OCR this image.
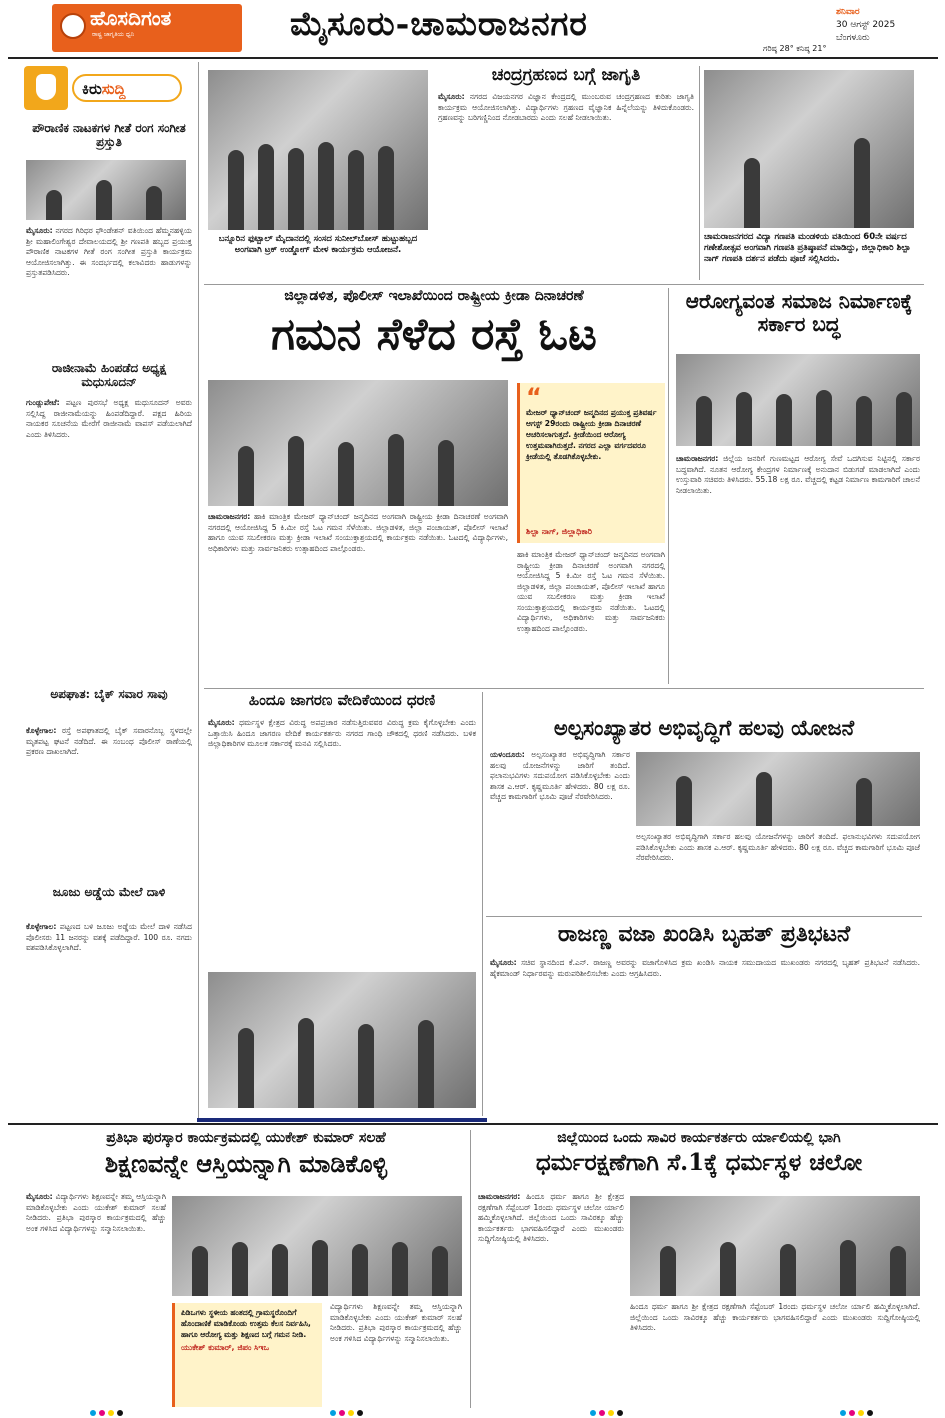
ಹೊಸದಿಗಂತ
ರಾಷ್ಟ್ರ ಜಾಗೃತಿಯ ಧ್ವನಿ	09
ಮೈಸೂರು-ಚಾಮರಾಜನಗರ	ಶನಿವಾರ
30 ಆಗಸ್ಟ್ 2025
ಬೆಂಗಳೂರು
ಗರಿಷ್ಠ 28° ಕನಿಷ್ಠ 21°
ಕಿರುಸುದ್ದಿ
ಪೌರಾಣಿಕ ನಾಟಕಗಳ ಗೀತೆ ರಂಗ ಸಂಗೀತ ಪ್ರಸ್ತುತಿ
ಮೈಸೂರು: ನಗರದ ಗಿರಿಧರ ಫೌಂಡೇಶನ್ ವತಿಯಿಂದ ಹೆಮ್ಮನಹಳ್ಳಿಯ ಶ್ರೀ ಮಹಾಲಿಂಗೇಶ್ವರ ದೇವಾಲಯದಲ್ಲಿ ಶ್ರೀ ಗಣಪತಿ ಹಬ್ಬದ ಪ್ರಯುಕ್ತ ಪೌರಾಣಿಕ ನಾಟಕಗಳ ಗೀತೆ ರಂಗ ಸಂಗೀತ ಪ್ರಸ್ತುತಿ ಕಾರ್ಯಕ್ರಮ ಆಯೋಜಿಸಲಾಗಿತ್ತು. ಈ ಸಂದರ್ಭದಲ್ಲಿ ಕಲಾವಿದರು ಹಾಡುಗಳನ್ನು ಪ್ರಸ್ತುತಪಡಿಸಿದರು.
ರಾಜೀನಾಮೆ ಹಿಂಪಡೆದ ಅಧ್ಯಕ್ಷ ಮಧುಸೂದನ್
ಗುಂಡ್ಲುಪೇಟೆ: ಪಟ್ಟಣ ಪುರಸಭೆ ಅಧ್ಯಕ್ಷ ಮಧುಸೂದನ್ ಅವರು ಸಲ್ಲಿಸಿದ್ದ ರಾಜೀನಾಮೆಯನ್ನು ಹಿಂಪಡೆದಿದ್ದಾರೆ. ಪಕ್ಷದ ಹಿರಿಯ ನಾಯಕರ ಸೂಚನೆಯ ಮೇರೆಗೆ ರಾಜೀನಾಮೆ ವಾಪಸ್ ಪಡೆಯಲಾಗಿದೆ ಎಂದು ತಿಳಿಸಿದರು.
ಅಪಘಾತ: ಬೈಕ್ ಸವಾರ ಸಾವು
ಕೊಳ್ಳೇಗಾಲ: ರಸ್ತೆ ಅಪಘಾತದಲ್ಲಿ ಬೈಕ್ ಸವಾರನೊಬ್ಬ ಸ್ಥಳದಲ್ಲೇ ಮೃತಪಟ್ಟ ಘಟನೆ ನಡೆದಿದೆ. ಈ ಸಂಬಂಧ ಪೊಲೀಸ್ ಠಾಣೆಯಲ್ಲಿ ಪ್ರಕರಣ ದಾಖಲಾಗಿದೆ.
ಜೂಜು ಅಡ್ಡೆಯ ಮೇಲೆ ದಾಳಿ
ಕೊಳ್ಳೇಗಾಲ: ಪಟ್ಟಣದ ಬಳಿ ಜೂಜು ಅಡ್ಡೆಯ ಮೇಲೆ ದಾಳಿ ನಡೆಸಿದ ಪೊಲೀಸರು 11 ಜನರನ್ನು ವಶಕ್ಕೆ ಪಡೆದಿದ್ದಾರೆ. 100 ರೂ. ನಗದು ವಶಪಡಿಸಿಕೊಳ್ಳಲಾಗಿದೆ.
ಬನ್ನೂರಿನ ಫುಟ್ಬಾಲ್ ಮೈದಾನದಲ್ಲಿ ಸಂಸದ ಸುನೀಲ್‌ಬೋಸ್ ಹುಟ್ಟುಹಬ್ಬದ ಅಂಗವಾಗಿ ಟ್ರಕ್ ಉಡ್ಡೋಗ್ ಮೇಳ ಕಾರ್ಯಕ್ರಮ ಆಯೋಜನೆ.
ಚಂದ್ರಗ್ರಹಣದ ಬಗ್ಗೆ ಜಾಗೃತಿ
ಮೈಸೂರು: ನಗರದ ವಿಜಯನಗರ ವಿಜ್ಞಾನ ಕೇಂದ್ರದಲ್ಲಿ ಮುಂಬರುವ ಚಂದ್ರಗ್ರಹಣದ ಕುರಿತು ಜಾಗೃತಿ ಕಾರ್ಯಕ್ರಮ ಆಯೋಜಿಸಲಾಗಿತ್ತು. ವಿದ್ಯಾರ್ಥಿಗಳು ಗ್ರಹಣದ ವೈಜ್ಞಾನಿಕ ಹಿನ್ನೆಲೆಯನ್ನು ತಿಳಿದುಕೊಂಡರು. ಗ್ರಹಣವನ್ನು ಬರಿಗಣ್ಣಿನಿಂದ ನೋಡಬಾರದು ಎಂದು ಸಲಹೆ ನೀಡಲಾಯಿತು.
ಚಾಮರಾಜನಗರದ ವಿದ್ಯಾ ಗಣಪತಿ ಮಂಡಳಿಯ ವತಿಯಿಂದ 60ನೇ ವರ್ಷದ ಗಣೇಶೋತ್ಸವ ಅಂಗವಾಗಿ ಗಣಪತಿ ಪ್ರತಿಷ್ಠಾಪನೆ ಮಾಡಿದ್ದು, ಜಿಲ್ಲಾಧಿಕಾರಿ ಶಿಲ್ಪಾ ನಾಗ್ ಗಣಪತಿ ದರ್ಶನ ಪಡೆದು ಪೂಜೆ ಸಲ್ಲಿಸಿದರು.
ಜಿಲ್ಲಾಡಳಿತ, ಪೊಲೀಸ್ ಇಲಾಖೆಯಿಂದ ರಾಷ್ಟ್ರೀಯ ಕ್ರೀಡಾ ದಿನಾಚರಣೆ
ಗಮನ ಸೆಳೆದ ರಸ್ತೆ ಓಟ
“
ಮೇಜರ್ ಧ್ಯಾನ್‌ಚಂದ್ ಜನ್ಮದಿನದ ಪ್ರಯುಕ್ತ ಪ್ರತಿವರ್ಷ ಆಗಸ್ಟ್ 29ರಂದು ರಾಷ್ಟ್ರೀಯ ಕ್ರೀಡಾ ದಿನಾಚರಣೆ ಆಚರಿಸಲಾಗುತ್ತದೆ. ಕ್ರೀಡೆಯಿಂದ ಆರೋಗ್ಯ ಉತ್ತಮವಾಗಿರುತ್ತದೆ. ನಗರದ ಎಲ್ಲಾ ವರ್ಗದವರೂ ಕ್ರೀಡೆಯಲ್ಲಿ ತೊಡಗಿಕೊಳ್ಳಬೇಕು.
ಶಿಲ್ಪಾ ನಾಗ್, ಜಿಲ್ಲಾಧಿಕಾರಿ
ಚಾಮರಾಜನಗರ: ಹಾಕಿ ಮಾಂತ್ರಿಕ ಮೇಜರ್ ಧ್ಯಾನ್‌ಚಂದ್ ಜನ್ಮದಿನದ ಅಂಗವಾಗಿ ರಾಷ್ಟ್ರೀಯ ಕ್ರೀಡಾ ದಿನಾಚರಣೆ ಅಂಗವಾಗಿ ನಗರದಲ್ಲಿ ಆಯೋಜಿಸಿದ್ದ 5 ಕಿ.ಮೀ ರಸ್ತೆ ಓಟ ಗಮನ ಸೆಳೆಯಿತು. ಜಿಲ್ಲಾಡಳಿತ, ಜಿಲ್ಲಾ ಪಂಚಾಯತ್, ಪೊಲೀಸ್ ಇಲಾಖೆ ಹಾಗೂ ಯುವ ಸಬಲೀಕರಣ ಮತ್ತು ಕ್ರೀಡಾ ಇಲಾಖೆ ಸಂಯುಕ್ತಾಶ್ರಯದಲ್ಲಿ ಕಾರ್ಯಕ್ರಮ ನಡೆಯಿತು. ಓಟದಲ್ಲಿ ವಿದ್ಯಾರ್ಥಿಗಳು, ಅಧಿಕಾರಿಗಳು ಮತ್ತು ಸಾರ್ವಜನಿಕರು ಉತ್ಸಾಹದಿಂದ ಪಾಲ್ಗೊಂಡರು.
ಹಾಕಿ ಮಾಂತ್ರಿಕ ಮೇಜರ್ ಧ್ಯಾನ್‌ಚಂದ್ ಜನ್ಮದಿನದ ಅಂಗವಾಗಿ ರಾಷ್ಟ್ರೀಯ ಕ್ರೀಡಾ ದಿನಾಚರಣೆ ಅಂಗವಾಗಿ ನಗರದಲ್ಲಿ ಆಯೋಜಿಸಿದ್ದ 5 ಕಿ.ಮೀ ರಸ್ತೆ ಓಟ ಗಮನ ಸೆಳೆಯಿತು. ಜಿಲ್ಲಾಡಳಿತ, ಜಿಲ್ಲಾ ಪಂಚಾಯತ್, ಪೊಲೀಸ್ ಇಲಾಖೆ ಹಾಗೂ ಯುವ ಸಬಲೀಕರಣ ಮತ್ತು ಕ್ರೀಡಾ ಇಲಾಖೆ ಸಂಯುಕ್ತಾಶ್ರಯದಲ್ಲಿ ಕಾರ್ಯಕ್ರಮ ನಡೆಯಿತು. ಓಟದಲ್ಲಿ ವಿದ್ಯಾರ್ಥಿಗಳು, ಅಧಿಕಾರಿಗಳು ಮತ್ತು ಸಾರ್ವಜನಿಕರು ಉತ್ಸಾಹದಿಂದ ಪಾಲ್ಗೊಂಡರು.
ಆರೋಗ್ಯವಂತ ಸಮಾಜ ನಿರ್ಮಾಣಕ್ಕೆ ಸರ್ಕಾರ ಬದ್ಧ
ಚಾಮರಾಜನಗರ: ಜಿಲ್ಲೆಯ ಜನರಿಗೆ ಗುಣಮಟ್ಟದ ಆರೋಗ್ಯ ಸೇವೆ ಒದಗಿಸುವ ನಿಟ್ಟಿನಲ್ಲಿ ಸರ್ಕಾರ ಬದ್ಧವಾಗಿದೆ. ನೂತನ ಆರೋಗ್ಯ ಕೇಂದ್ರಗಳ ನಿರ್ಮಾಣಕ್ಕೆ ಅನುದಾನ ಬಿಡುಗಡೆ ಮಾಡಲಾಗಿದೆ ಎಂದು ಉಸ್ತುವಾರಿ ಸಚಿವರು ತಿಳಿಸಿದರು. 55.18 ಲಕ್ಷ ರೂ. ವೆಚ್ಚದಲ್ಲಿ ಕಟ್ಟಡ ನಿರ್ಮಾಣ ಕಾಮಗಾರಿಗೆ ಚಾಲನೆ ನೀಡಲಾಯಿತು.
ಹಿಂದೂ ಜಾಗರಣ ವೇದಿಕೆಯಿಂದ ಧರಣಿ
ಮೈಸೂರು: ಧರ್ಮಸ್ಥಳ ಕ್ಷೇತ್ರದ ವಿರುದ್ಧ ಅಪಪ್ರಚಾರ ನಡೆಸುತ್ತಿರುವವರ ವಿರುದ್ಧ ಕ್ರಮ ಕೈಗೊಳ್ಳಬೇಕು ಎಂದು ಒತ್ತಾಯಿಸಿ ಹಿಂದೂ ಜಾಗರಣ ವೇದಿಕೆ ಕಾರ್ಯಕರ್ತರು ನಗರದ ಗಾಂಧಿ ಚೌಕದಲ್ಲಿ ಧರಣಿ ನಡೆಸಿದರು. ಬಳಿಕ ಜಿಲ್ಲಾಧಿಕಾರಿಗಳ ಮೂಲಕ ಸರ್ಕಾರಕ್ಕೆ ಮನವಿ ಸಲ್ಲಿಸಿದರು.
ಅಲ್ಪಸಂಖ್ಯಾತರ ಅಭಿವೃದ್ಧಿಗೆ ಹಲವು ಯೋಜನೆ
ಯಳಂದೂರು: ಅಲ್ಪಸಂಖ್ಯಾತರ ಅಭಿವೃದ್ಧಿಗಾಗಿ ಸರ್ಕಾರ ಹಲವು ಯೋಜನೆಗಳನ್ನು ಜಾರಿಗೆ ತಂದಿದೆ. ಫಲಾನುಭವಿಗಳು ಸದುಪಯೋಗ ಪಡಿಸಿಕೊಳ್ಳಬೇಕು ಎಂದು ಶಾಸಕ ಎ.ಆರ್. ಕೃಷ್ಣಮೂರ್ತಿ ಹೇಳಿದರು. 80 ಲಕ್ಷ ರೂ. ವೆಚ್ಚದ ಕಾಮಗಾರಿಗೆ ಭೂಮಿ ಪೂಜೆ ನೆರವೇರಿಸಿದರು.
ಅಲ್ಪಸಂಖ್ಯಾತರ ಅಭಿವೃದ್ಧಿಗಾಗಿ ಸರ್ಕಾರ ಹಲವು ಯೋಜನೆಗಳನ್ನು ಜಾರಿಗೆ ತಂದಿದೆ. ಫಲಾನುಭವಿಗಳು ಸದುಪಯೋಗ ಪಡಿಸಿಕೊಳ್ಳಬೇಕು ಎಂದು ಶಾಸಕ ಎ.ಆರ್. ಕೃಷ್ಣಮೂರ್ತಿ ಹೇಳಿದರು. 80 ಲಕ್ಷ ರೂ. ವೆಚ್ಚದ ಕಾಮಗಾರಿಗೆ ಭೂಮಿ ಪೂಜೆ ನೆರವೇರಿಸಿದರು.
ರಾಜಣ್ಣ ವಜಾ ಖಂಡಿಸಿ ಬೃಹತ್ ಪ್ರತಿಭಟನೆ
ಮೈಸೂರು: ಸಚಿವ ಸ್ಥಾನದಿಂದ ಕೆ.ಎನ್. ರಾಜಣ್ಣ ಅವರನ್ನು ವಜಾಗೊಳಿಸಿದ ಕ್ರಮ ಖಂಡಿಸಿ ನಾಯಕ ಸಮುದಾಯದ ಮುಖಂಡರು ನಗರದಲ್ಲಿ ಬೃಹತ್ ಪ್ರತಿಭಟನೆ ನಡೆಸಿದರು. ಹೈಕಮಾಂಡ್ ನಿರ್ಧಾರವನ್ನು ಮರುಪರಿಶೀಲಿಸಬೇಕು ಎಂದು ಆಗ್ರಹಿಸಿದರು.
ಪ್ರತಿಭಾ ಪುರಸ್ಕಾರ ಕಾರ್ಯಕ್ರಮದಲ್ಲಿ ಯುಕೇಶ್ ಕುಮಾರ್ ಸಲಹೆ
ಶಿಕ್ಷಣವನ್ನೇ ಆಸ್ತಿಯನ್ನಾಗಿ ಮಾಡಿಕೊಳ್ಳಿ
ಮೈಸೂರು: ವಿದ್ಯಾರ್ಥಿಗಳು ಶಿಕ್ಷಣವನ್ನೇ ತಮ್ಮ ಆಸ್ತಿಯನ್ನಾಗಿ ಮಾಡಿಕೊಳ್ಳಬೇಕು ಎಂದು ಯುಕೇಶ್ ಕುಮಾರ್ ಸಲಹೆ ನೀಡಿದರು. ಪ್ರತಿಭಾ ಪುರಸ್ಕಾರ ಕಾರ್ಯಕ್ರಮದಲ್ಲಿ ಹೆಚ್ಚು ಅಂಕ ಗಳಿಸಿದ ವಿದ್ಯಾರ್ಥಿಗಳನ್ನು ಸನ್ಮಾನಿಸಲಾಯಿತು.
ಪಿಡಿಒಗಳು ಸ್ಥಳೀಯ ಹಂತದಲ್ಲಿ ಗ್ರಾಮಸ್ಥರೊಂದಿಗೆ ಹೊಂದಾಣಿಕೆ ಮಾಡಿಕೊಂಡು ಉತ್ತಮ ಕೆಲಸ ನಿರ್ವಹಿಸಿ, ಹಾಗೂ ಆರೋಗ್ಯ ಮತ್ತು ಶಿಕ್ಷಣದ ಬಗ್ಗೆ ಗಮನ ನೀಡಿ.
ಯುಕೇಶ್ ಕುಮಾರ್, ಜಿಪಂ ಸಿಇಒ
ವಿದ್ಯಾರ್ಥಿಗಳು ಶಿಕ್ಷಣವನ್ನೇ ತಮ್ಮ ಆಸ್ತಿಯನ್ನಾಗಿ ಮಾಡಿಕೊಳ್ಳಬೇಕು ಎಂದು ಯುಕೇಶ್ ಕುಮಾರ್ ಸಲಹೆ ನೀಡಿದರು. ಪ್ರತಿಭಾ ಪುರಸ್ಕಾರ ಕಾರ್ಯಕ್ರಮದಲ್ಲಿ ಹೆಚ್ಚು ಅಂಕ ಗಳಿಸಿದ ವಿದ್ಯಾರ್ಥಿಗಳನ್ನು ಸನ್ಮಾನಿಸಲಾಯಿತು.
ಜಿಲ್ಲೆಯಿಂದ ಒಂದು ಸಾವಿರ ಕಾರ್ಯಕರ್ತರು ರ್ಯಾಲಿಯಲ್ಲಿ ಭಾಗಿ
ಧರ್ಮರಕ್ಷಣೆಗಾಗಿ ಸೆ.1ಕ್ಕೆ ಧರ್ಮಸ್ಥಳ ಚಲೋ
ಚಾಮರಾಜನಗರ: ಹಿಂದೂ ಧರ್ಮ ಹಾಗೂ ಶ್ರೀ ಕ್ಷೇತ್ರದ ರಕ್ಷಣೆಗಾಗಿ ಸೆಪ್ಟೆಂಬರ್ 1ರಂದು ಧರ್ಮಸ್ಥಳ ಚಲೋ ರ್ಯಾಲಿ ಹಮ್ಮಿಕೊಳ್ಳಲಾಗಿದೆ. ಜಿಲ್ಲೆಯಿಂದ ಒಂದು ಸಾವಿರಕ್ಕೂ ಹೆಚ್ಚು ಕಾರ್ಯಕರ್ತರು ಭಾಗವಹಿಸಲಿದ್ದಾರೆ ಎಂದು ಮುಖಂಡರು ಸುದ್ದಿಗೋಷ್ಠಿಯಲ್ಲಿ ತಿಳಿಸಿದರು.
ಹಿಂದೂ ಧರ್ಮ ಹಾಗೂ ಶ್ರೀ ಕ್ಷೇತ್ರದ ರಕ್ಷಣೆಗಾಗಿ ಸೆಪ್ಟೆಂಬರ್ 1ರಂದು ಧರ್ಮಸ್ಥಳ ಚಲೋ ರ್ಯಾಲಿ ಹಮ್ಮಿಕೊಳ್ಳಲಾಗಿದೆ. ಜಿಲ್ಲೆಯಿಂದ ಒಂದು ಸಾವಿರಕ್ಕೂ ಹೆಚ್ಚು ಕಾರ್ಯಕರ್ತರು ಭಾಗವಹಿಸಲಿದ್ದಾರೆ ಎಂದು ಮುಖಂಡರು ಸುದ್ದಿಗೋಷ್ಠಿಯಲ್ಲಿ ತಿಳಿಸಿದರು.
